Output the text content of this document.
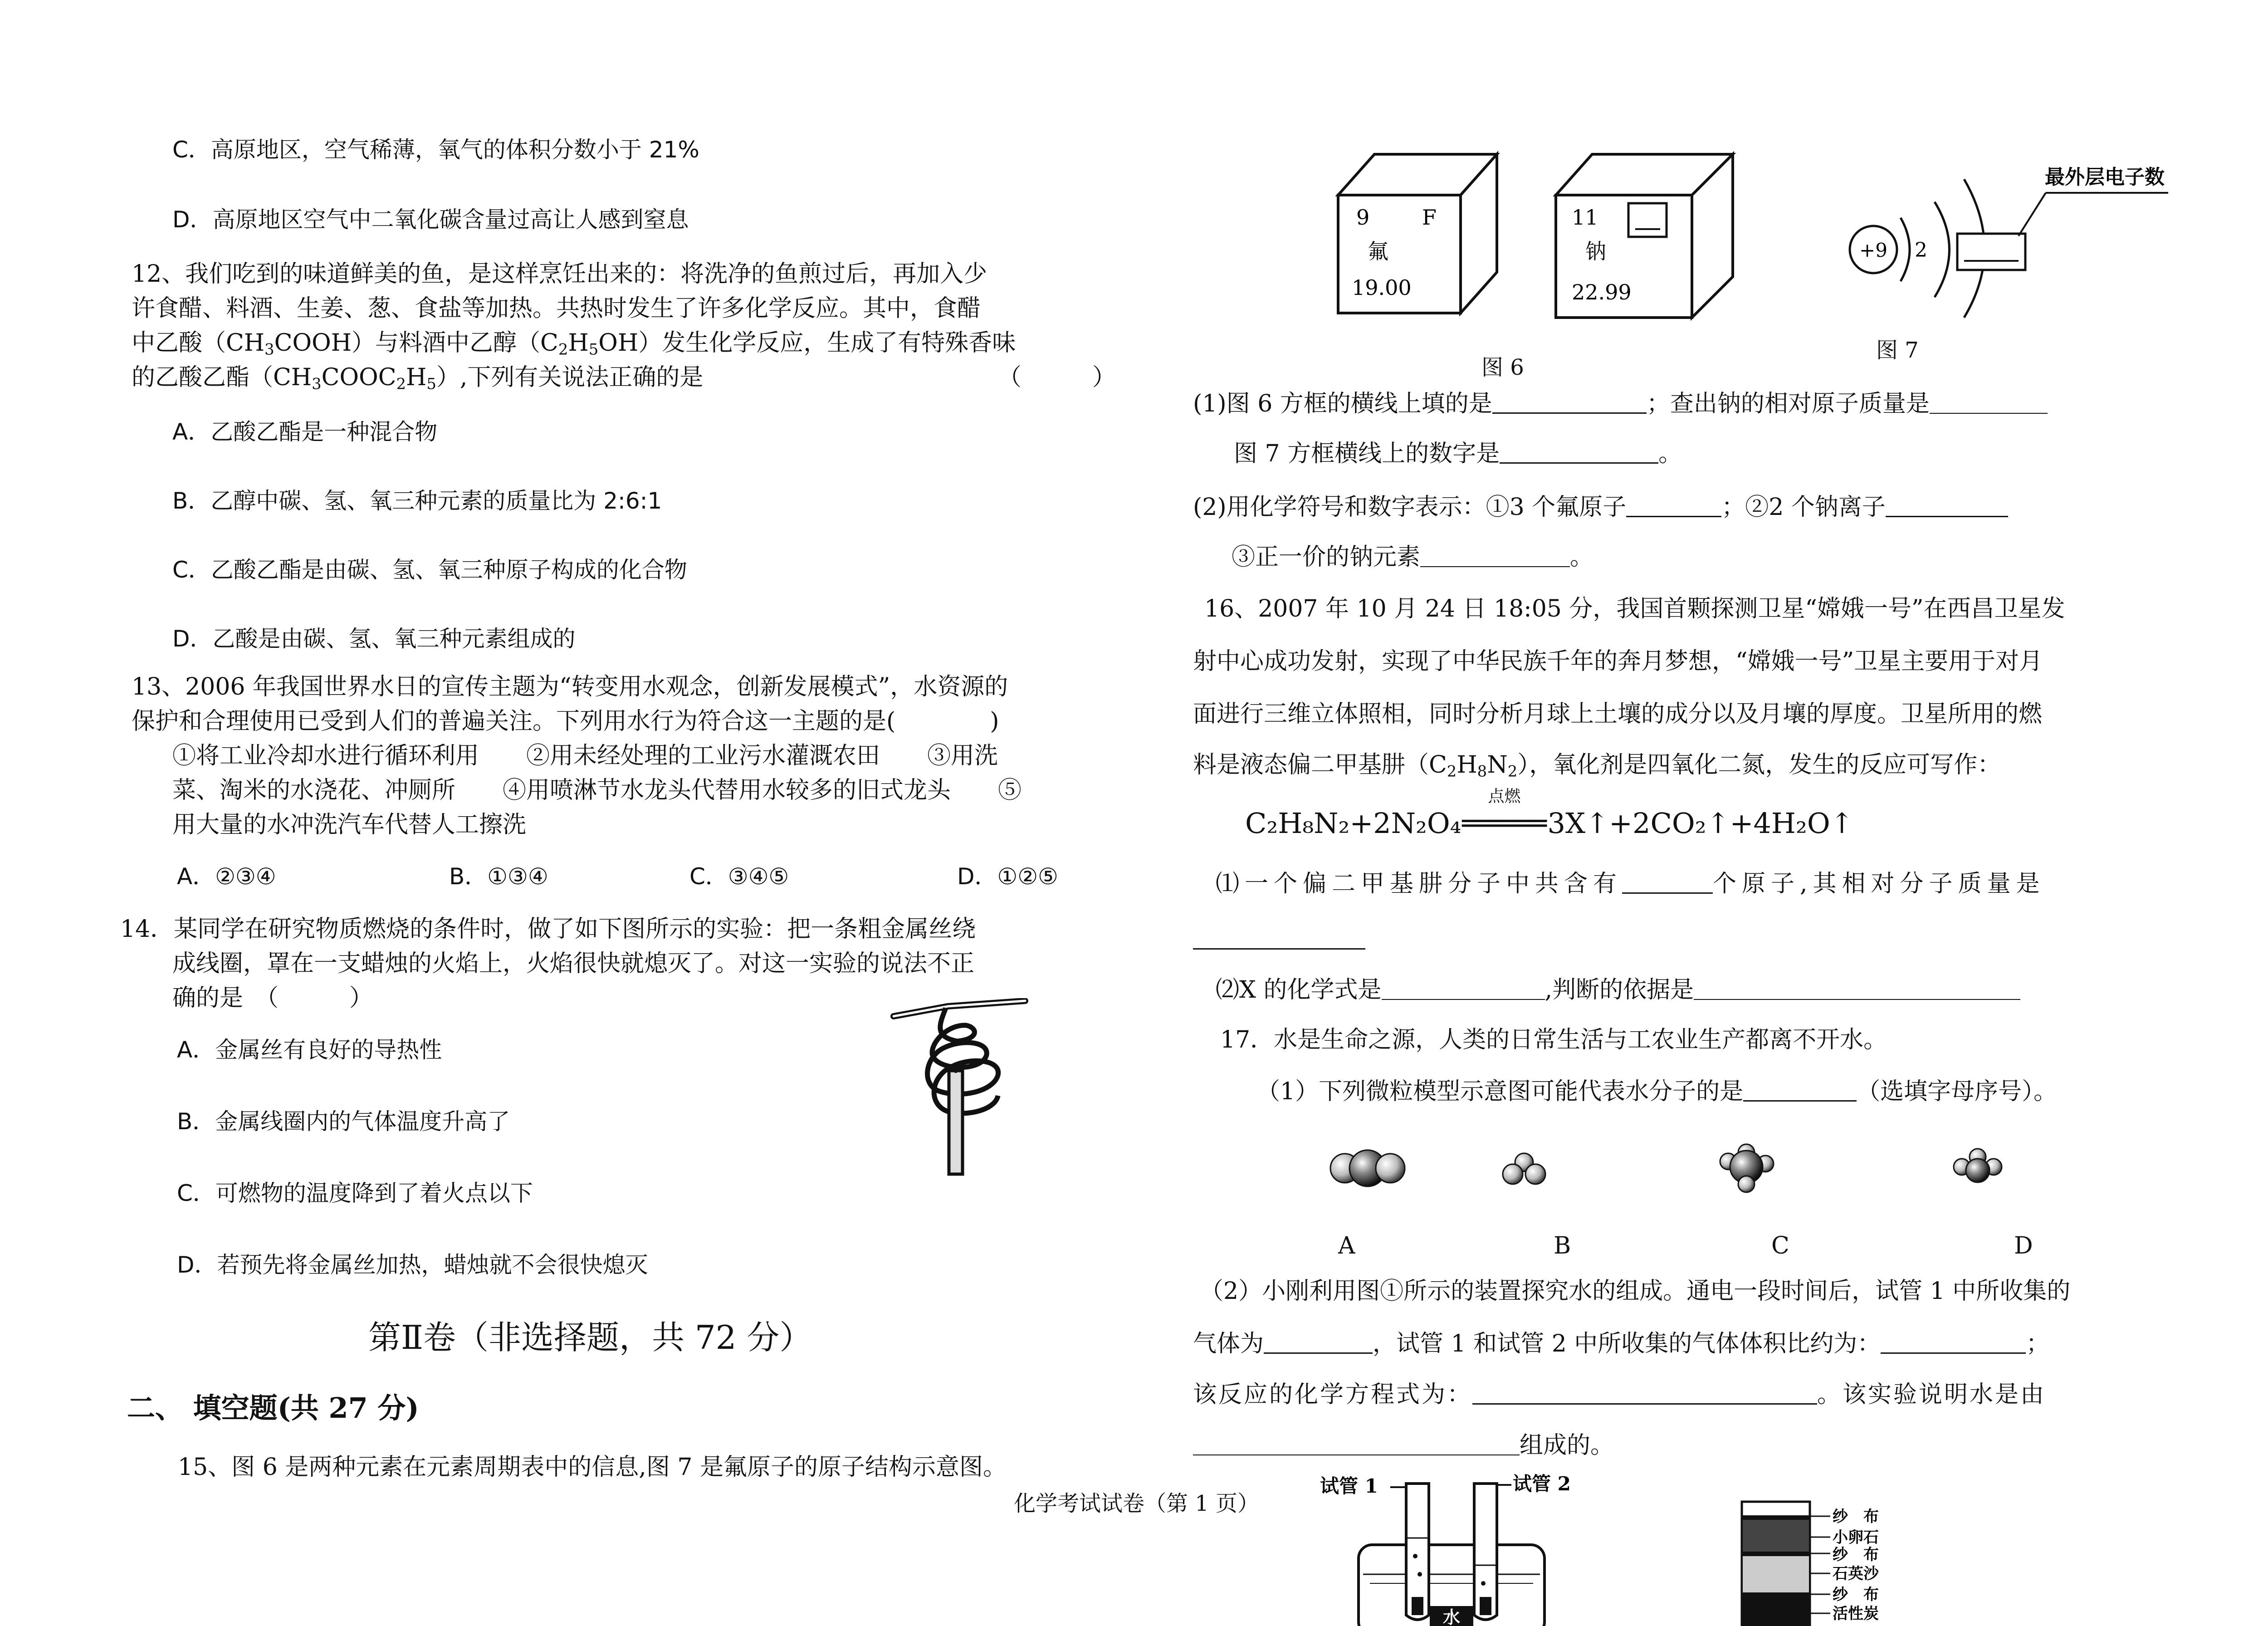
C．高原地区，空气稀薄，氧气的体积分数小于 21%
D．高原地区空气中二氧化碳含量过高让人感到窒息
12、我们吃到的味道鲜美的鱼，是这样烹饪出来的：将洗净的鱼煎过后，再加入少
许食醋、料酒、生姜、葱、食盐等加热。共热时发生了许多化学反应。其中，食醋
中乙酸$(CH_3COOH)$与料酒中乙醇$(C_2H_5OH)$发生化学反应，生成了有特殊香味
的乙酸乙酯$(CH_3COOC_2H_5)$,下列有关说法正确的是	（　　　）
A．乙酸乙酯是一种混合物
B．乙醇中碳、氢、氧三种元素的质量比为 2:6:1
C．乙酸乙酯是由碳、氢、氧三种原子构成的化合物
D．乙酸是由碳、氢、氧三种元素组成的
13、2006 年我国世界水日的宣传主题为“转变用水观念，创新发展模式”，水资源的
保护和合理使用已受到人们的普遍关注。下列用水行为符合这一主题的是(　　　　)
①将工业冷却水进行循环利用　　②用未经处理的工业污水灌溉农田　　③用洗
菜、淘米的水浇花、冲厕所　　④用喷淋节水龙头代替用水较多的旧式龙头　　⑤
用大量的水冲洗汽车代替人工擦洗
A．②③④	B．①③④	C．③④⑤	D．①②⑤
14．某同学在研究物质燃烧的条件时，做了如下图所示的实验：把一条粗金属丝绕
成线圈，罩在一支蜡烛的火焰上，火焰很快就熄灭了。对这一实验的说法不正
确的是　（　　　）
A．金属丝有良好的导热性
B．金属线圈内的气体温度升高了
C．可燃物的温度降到了着火点以下
D．若预先将金属丝加热，蜡烛就不会很快熄灭
第Ⅱ卷（非选择题，共 72 分）
二、 填空题(共 27 分)
15、图 6 是两种元素在元素周期表中的信息,图 7 是氟原子的原子结构示意图。
化学考试试卷（第 1 页）
9	F
氟
19.00
11
钠
22.99
图 6
+9 2
最外层电子数
图 7
(1)图 6 方框的横线上填的是	；查出钠的相对原子质量是
图 7 方框横线上的数字是	。
(2)用化学符号和数字表示：①3 个氟原子	；②2 个钠离子
③正一价的钠元素	。
16、2007 年 10 月 24 日 18:05 分，我国首颗探测卫星“嫦娥一号”在西昌卫星发
射中心成功发射，实现了中华民族千年的奔月梦想，“嫦娥一号”卫星主要用于对月
面进行三维立体照相，同时分析月球上土壤的成分以及月壤的厚度。卫星所用的燃
料是液态偏二甲基肼$(C_2H_8N_2)$，氧化剂是四氧化二氮，发生的反应可写作：
C₂H₈N₂+2N₂O₄
点燃
═════3X↑+2CO₂↑+4H₂O↑
⑴一个偏二甲基肼分子中共含有	个原子,其相对分子质量是
⑵X 的化学式是	,判断的依据是
17．水是生命之源，人类的日常生活与工农业生产都离不开水。
（1）下列微粒模型示意图可能代表水分子的是	（选填字母序号）。
A	B	C	D
（2）小刚利用图①所示的装置探究水的组成。通电一段时间后，试管 1 中所收集的
气体为	，试管 1 和试管 2 中所收集的气体体积比约为：	；
该反应的化学方程式为：	。该实验说明水是由
组成的。
试管 1	试管 2
水
纱　布
小卵石
纱　布
石英沙
纱　布
活性炭
